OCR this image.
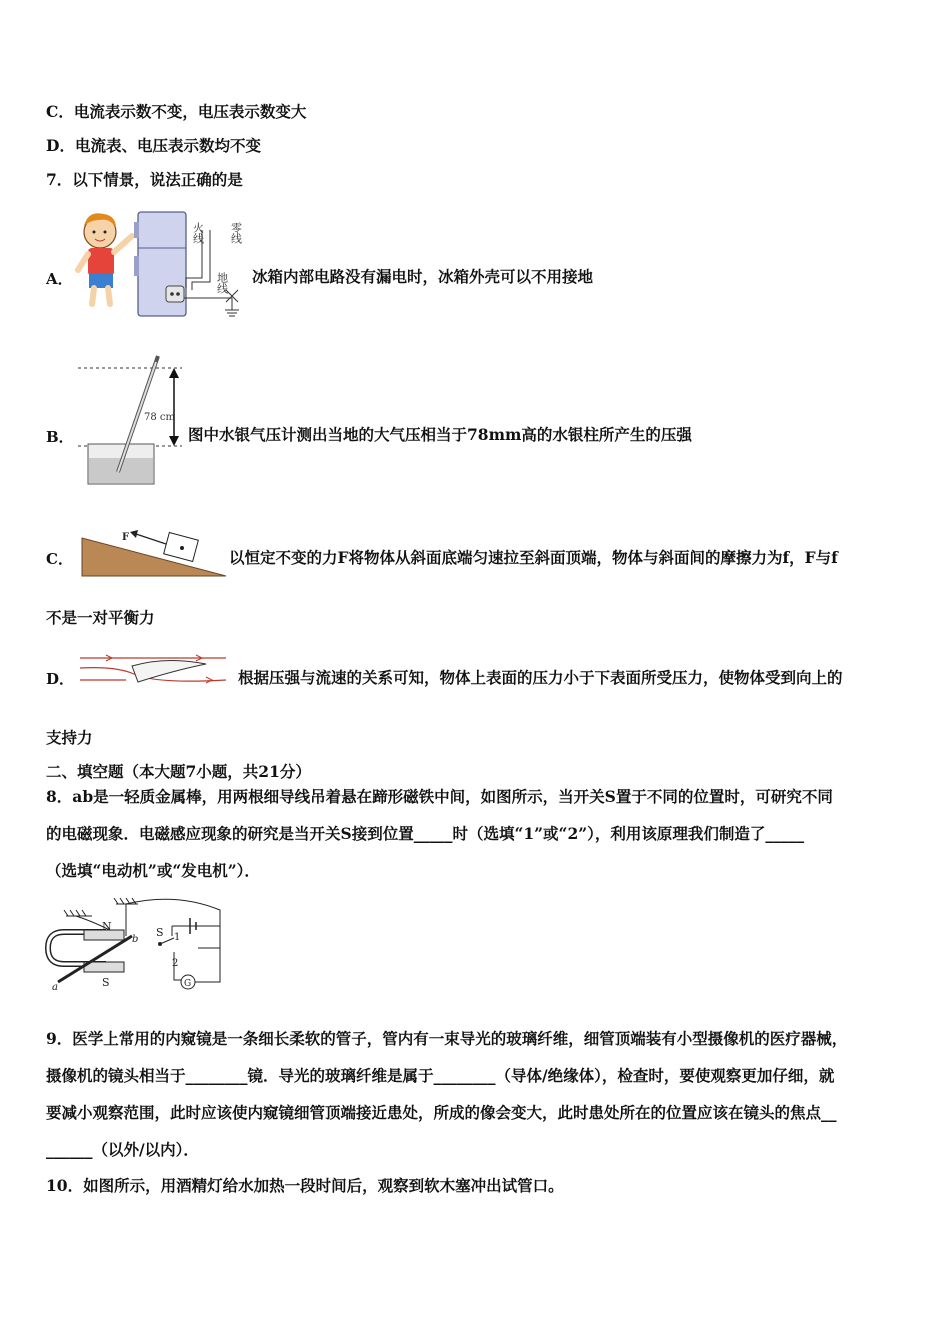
C．电流表示数不变，电压表示数变大
D．电流表、电压表示数均不变
7．以下情景，说法正确的是
A．
火线 零线
地线 冰箱内部电路没有漏电时，冰箱外壳可以不用接地
B．
78 cm
图中水银气压计测出当地的大气压相当于78mm高的水银柱所产生的压强
C．
F
以恒定不变的力F将物体从斜面底端匀速拉至斜面顶端，物体与斜面间的摩擦力为f，F与f
不是一对平衡力
D．	根据压强与流速的关系可知，物体上表面的压力小于下表面所受压力，使物体受到向上的
支持力
二、填空题（本大题7小题，共21分）
8．ab是一轻质金属棒，用两根细导线吊着悬在蹄形磁铁中间，如图所示，当开关S置于不同的位置时，可研究不同
的电磁现象．电磁感应现象的研究是当开关S接到位置_____时（选填“1”或“2”），利用该原理我们制造了_____
（选填“电动机”或“发电机”）．
N
S
a
b
S 1
2
G
9．医学上常用的内窥镜是一条细长柔软的管子，管内有一束导光的玻璃纤维，细管顶端装有小型摄像机的医疗器械，
摄像机的镜头相当于________镜．导光的玻璃纤维是属于________（导体/绝缘体），检查时，要使观察更加仔细，就
要减小观察范围，此时应该使内窥镜细管顶端接近患处，所成的像会变大，此时患处所在的位置应该在镜头的焦点__
______（以外/以内）．
10．如图所示，用酒精灯给水加热一段时间后，观察到软木塞冲出试管口。
